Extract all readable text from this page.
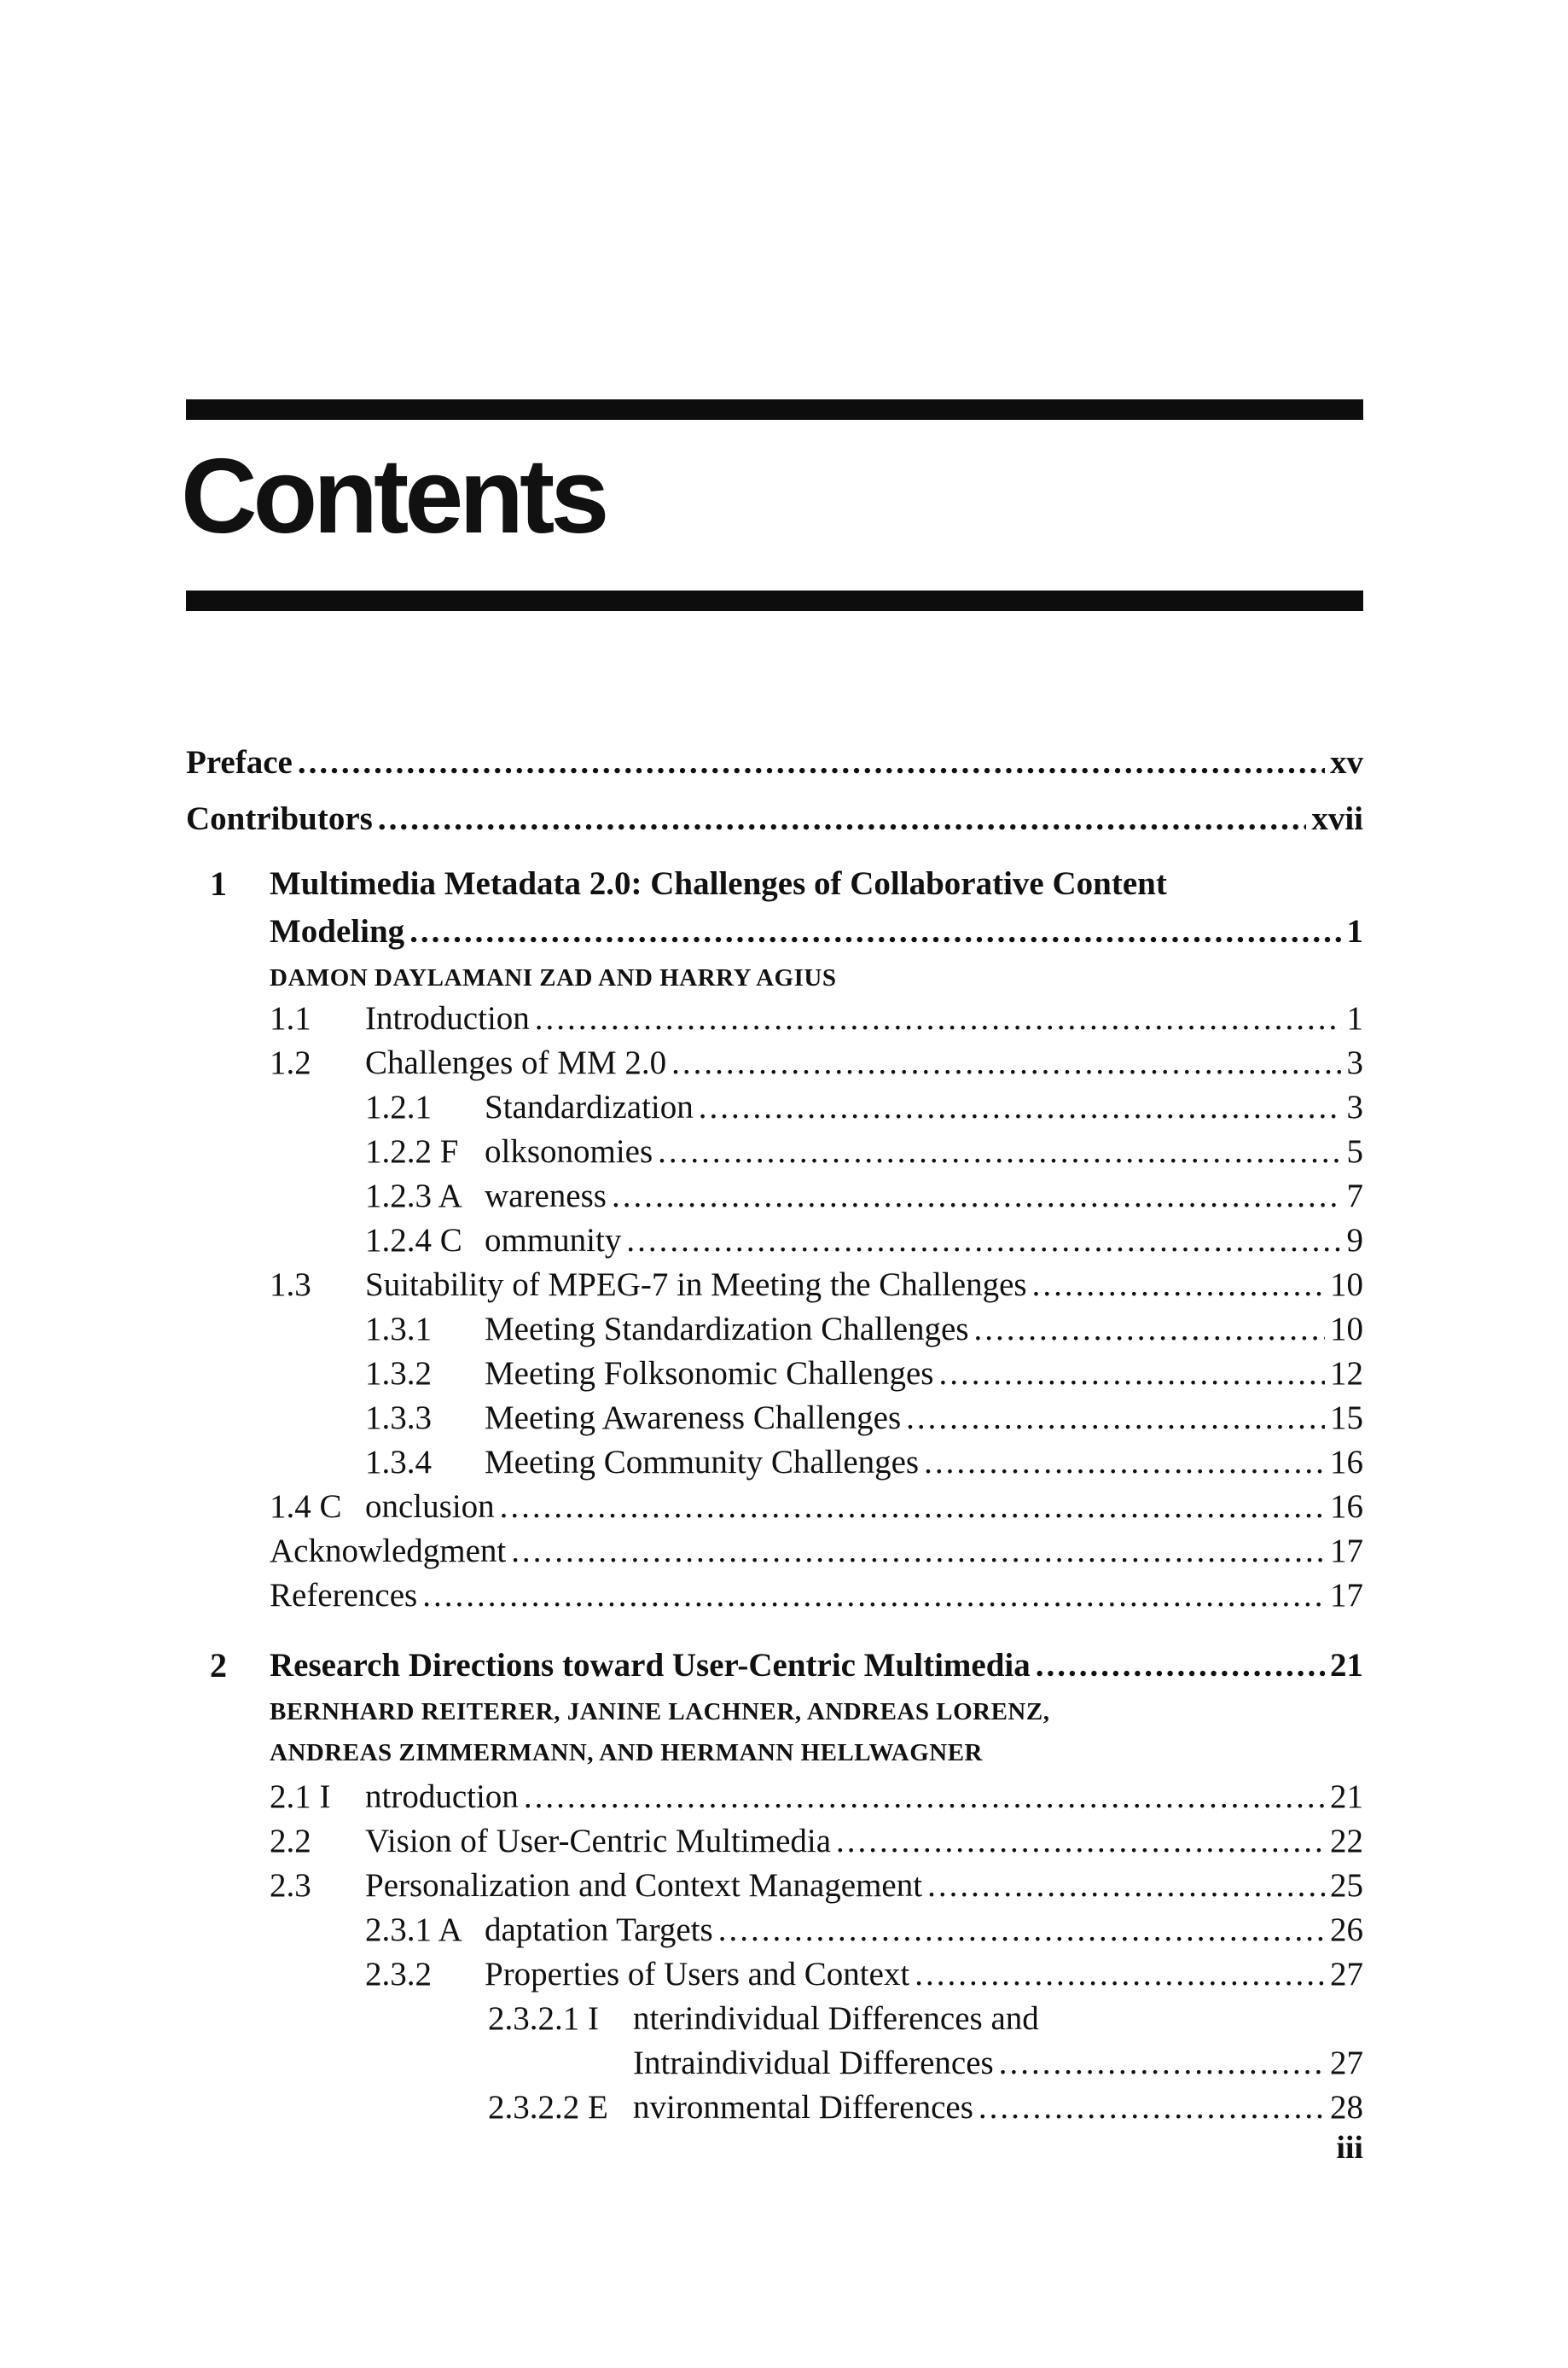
Contents
Preface .....	xv
Contributors .....	xvii
1 Multimedia Metadata 2.0: Challenges of Collaborative Content
Modeling .....	1
DAMON DAYLAMANI ZAD AND HARRY AGIUS
1.1 Introduction .....	1
1.2 Challenges of MM 2.0 .....	3
1.2.1 Standardization .....	3
1.2.2 F olksonomies .....	5
1.2.3 A wareness .....	7
1.2.4 C ommunity .....	9
1.3 Suitability of MPEG-7 in Meeting the Challenges .....	10
1.3.1 Meeting Standardization Challenges .....	10
1.3.2 Meeting Folksonomic Challenges .....	12
1.3.3 Meeting Awareness Challenges .....	15
1.3.4 Meeting Community Challenges .....	16
1.4 C onclusion .....	16
Acknowledgment .....	17
References .....	17
2 Research Directions toward User-Centric Multimedia .....	21
BERNHARD REITERER, JANINE LACHNER, ANDREAS LORENZ,
ANDREAS ZIMMERMANN, AND HERMANN HELLWAGNER
2.1 I ntroduction .....	21
2.2 Vision of User-Centric Multimedia .....	22
2.3 Personalization and Context Management .....	25
2.3.1 A daptation Targets .....	26
2.3.2 Properties of Users and Context .....	27
2.3.2.1 I nterindividual Differences and
Intraindividual Differences .....	27
2.3.2.2 E nvironmental Differences .....	28
iii
